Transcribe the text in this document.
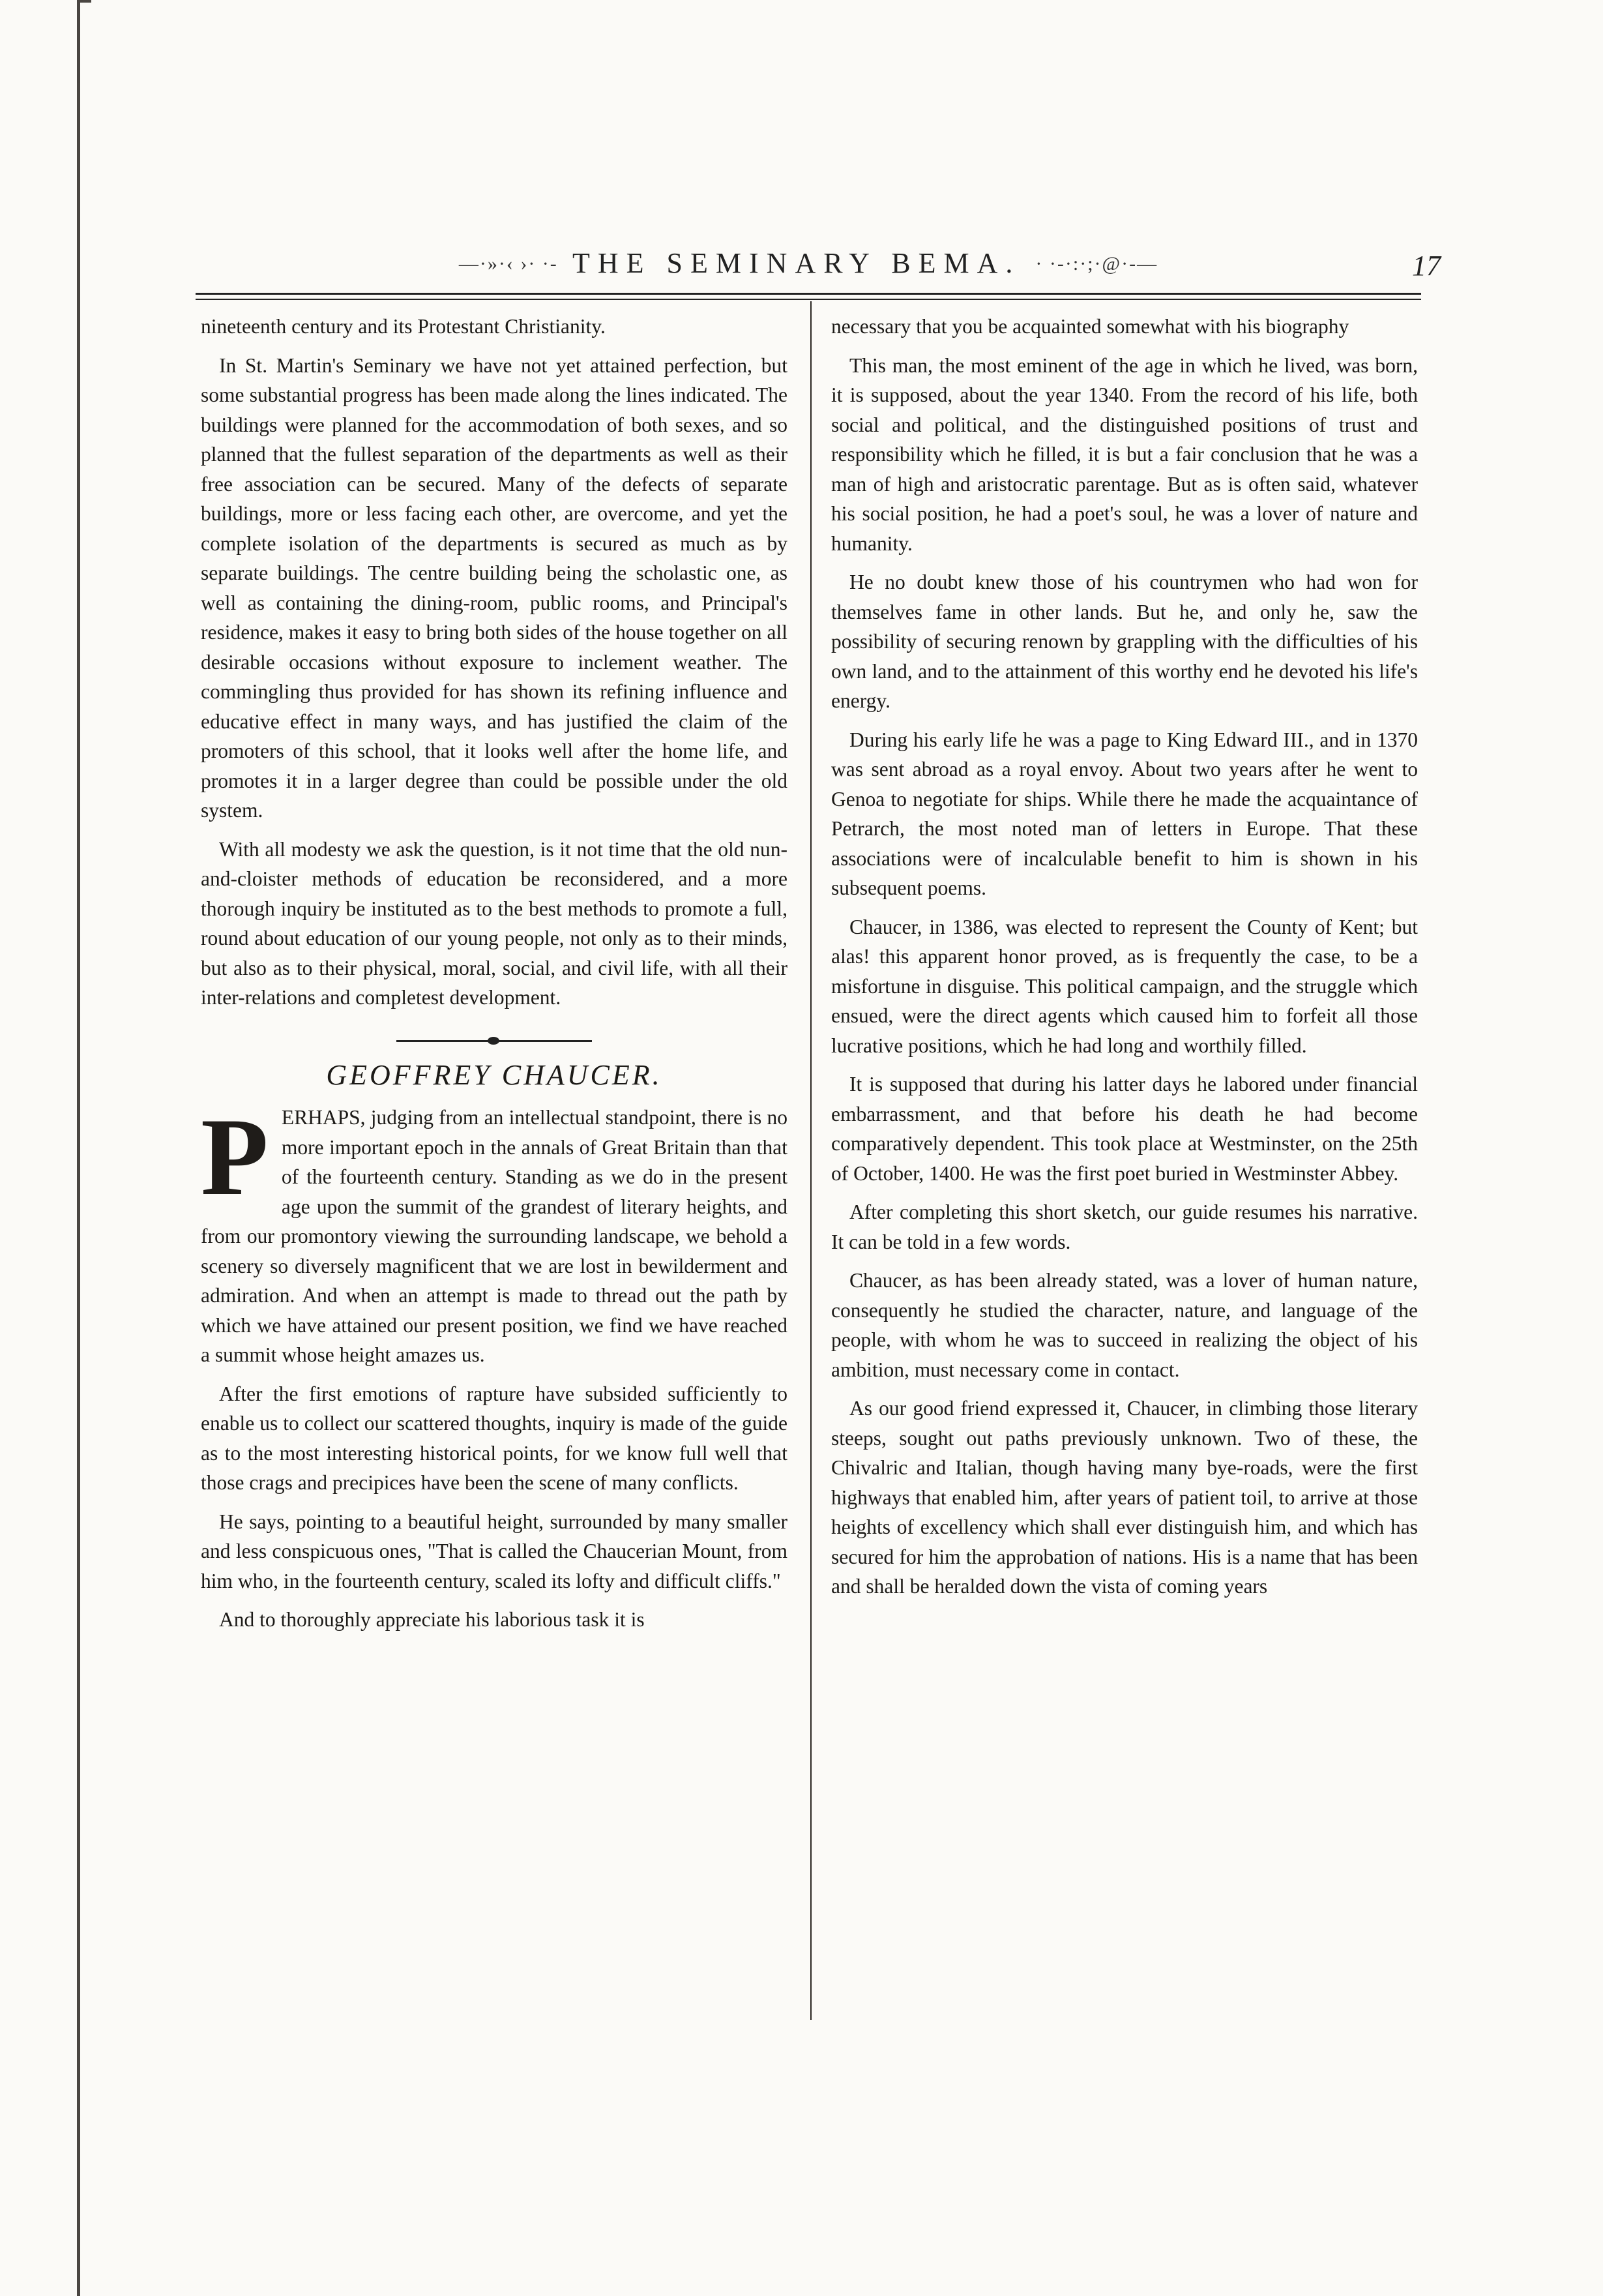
—·»·‹ ›· ·- THE SEMINARY BEMA. · ·-·:·;·@·-—	17

nineteenth century and its Protestant Christianity.

In St. Martin's Seminary we have not yet attained perfection, but some substantial progress has been made along the lines indicated. The buildings were planned for the accommodation of both sexes, and so planned that the fullest separation of the departments as well as their free association can be secured. Many of the defects of separate buildings, more or less facing each other, are overcome, and yet the complete isolation of the departments is secured as much as by separate buildings. The centre building being the scholastic one, as well as containing the dining-room, public rooms, and Principal's residence, makes it easy to bring both sides of the house together on all desirable occasions without exposure to inclement weather. The commingling thus provided for has shown its refining influence and educative effect in many ways, and has justified the claim of the promoters of this school, that it looks well after the home life, and promotes it in a larger degree than could be possible under the old system.

With all modesty we ask the question, is it not time that the old nun-and-cloister methods of education be reconsidered, and a more thorough inquiry be instituted as to the best methods to promote a full, round about education of our young people, not only as to their minds, but also as to their physical, moral, social, and civil life, with all their inter-relations and completest development.

GEOFFREY CHAUCER.

P ERHAPS, judging from an intellectual standpoint, there is no more important epoch in the annals of Great Britain than that of the fourteenth century. Standing as we do in the present age upon the summit of the grandest of literary heights, and from our promontory viewing the surrounding landscape, we behold a scenery so diversely magnificent that we are lost in bewilderment and admiration. And when an attempt is made to thread out the path by which we have attained our present position, we find we have reached a summit whose height amazes us.

After the first emotions of rapture have subsided sufficiently to enable us to collect our scattered thoughts, inquiry is made of the guide as to the most interesting historical points, for we know full well that those crags and precipices have been the scene of many conflicts.

He says, pointing to a beautiful height, surrounded by many smaller and less conspicuous ones, "That is called the Chaucerian Mount, from him who, in the fourteenth century, scaled its lofty and difficult cliffs."

And to thoroughly appreciate his laborious task it is

necessary that you be acquainted somewhat with his biography

This man, the most eminent of the age in which he lived, was born, it is supposed, about the year 1340. From the record of his life, both social and political, and the distinguished positions of trust and responsibility which he filled, it is but a fair conclusion that he was a man of high and aristocratic parentage. But as is often said, whatever his social position, he had a poet's soul, he was a lover of nature and humanity.

He no doubt knew those of his countrymen who had won for themselves fame in other lands. But he, and only he, saw the possibility of securing renown by grappling with the difficulties of his own land, and to the attainment of this worthy end he devoted his life's energy.

During his early life he was a page to King Edward III., and in 1370 was sent abroad as a royal envoy. About two years after he went to Genoa to negotiate for ships. While there he made the acquaintance of Petrarch, the most noted man of letters in Europe. That these associations were of incalculable benefit to him is shown in his subsequent poems.

Chaucer, in 1386, was elected to represent the County of Kent; but alas! this apparent honor proved, as is frequently the case, to be a misfortune in disguise. This political campaign, and the struggle which ensued, were the direct agents which caused him to forfeit all those lucrative positions, which he had long and worthily filled.

It is supposed that during his latter days he labored under financial embarrassment, and that before his death he had become comparatively dependent. This took place at Westminster, on the 25th of October, 1400. He was the first poet buried in Westminster Abbey.

After completing this short sketch, our guide resumes his narrative. It can be told in a few words.

Chaucer, as has been already stated, was a lover of human nature, consequently he studied the character, nature, and language of the people, with whom he was to succeed in realizing the object of his ambition, must necessary come in contact.

As our good friend expressed it, Chaucer, in climbing those literary steeps, sought out paths previously unknown. Two of these, the Chivalric and Italian, though having many bye-roads, were the first highways that enabled him, after years of patient toil, to arrive at those heights of excellency which shall ever distinguish him, and which has secured for him the approbation of nations. His is a name that has been and shall be heralded down the vista of coming years
